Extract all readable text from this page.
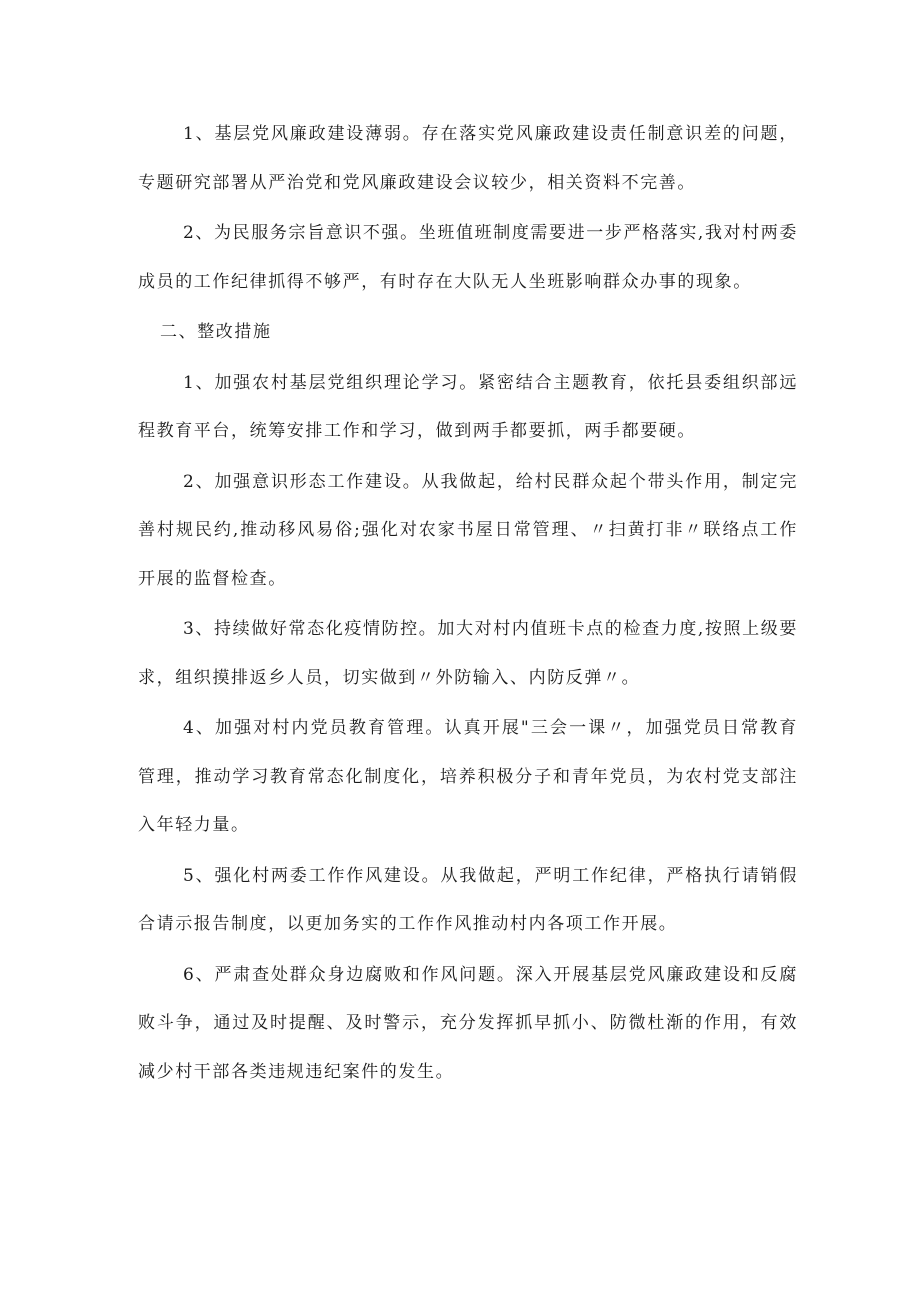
1、基层党风廉政建设薄弱。存在落实党风廉政建设责任制意识差的问题，专题研究部署从严治党和党风廉政建设会议较少，相关资料不完善。

2、为民服务宗旨意识不强。坐班值班制度需要进一步严格落实,我对村两委成员的工作纪律抓得不够严，有时存在大队无人坐班影响群众办事的现象。

二、整改措施

1、加强农村基层党组织理论学习。紧密结合主题教育，依托县委组织部远程教育平台，统筹安排工作和学习，做到两手都要抓，两手都要硬。

2、加强意识形态工作建设。从我做起，给村民群众起个带头作用，制定完善村规民约,推动移风易俗;强化对农家书屋日常管理、〃扫黄打非〃联络点工作开展的监督检查。

3、持续做好常态化疫情防控。加大对村内值班卡点的检查力度,按照上级要求，组织摸排返乡人员，切实做到〃外防输入、内防反弹〃。

4、加强对村内党员教育管理。认真开展"三会一课〃，加强党员日常教育管理，推动学习教育常态化制度化，培养积极分子和青年党员，为农村党支部注入年轻力量。

5、强化村两委工作作风建设。从我做起，严明工作纪律，严格执行请销假合请示报告制度，以更加务实的工作作风推动村内各项工作开展。

6、严肃查处群众身边腐败和作风问题。深入开展基层党风廉政建设和反腐败斗争，通过及时提醒、及时警示，充分发挥抓早抓小、防微杜渐的作用，有效减少村干部各类违规违纪案件的发生。
